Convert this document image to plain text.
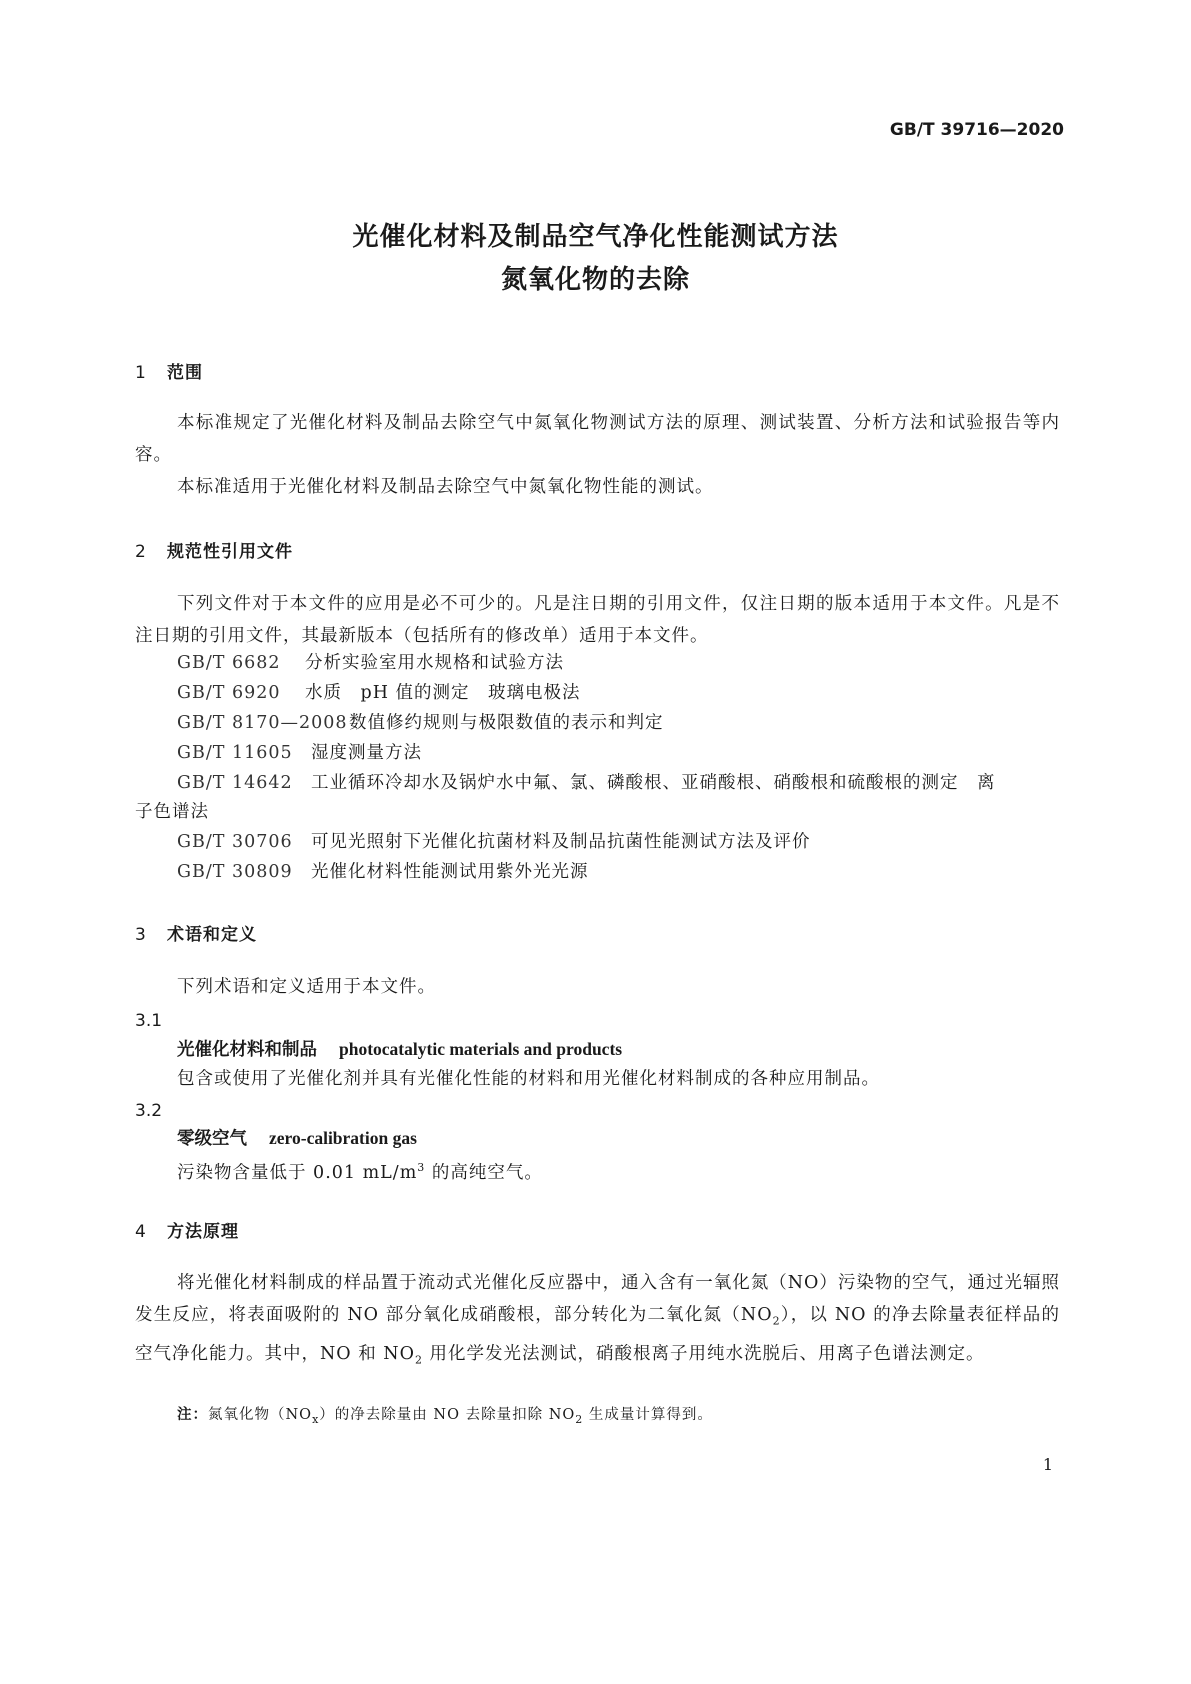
GB/T 39716—2020
光催化材料及制品空气净化性能测试方法
氮氧化物的去除
1 范围
本标准规定了光催化材料及制品去除空气中氮氧化物测试方法的原理、测试装置、分析方法和试验报告等内容。
本标准适用于光催化材料及制品去除空气中氮氧化物性能的测试。
2 规范性引用文件
下列文件对于本文件的应用是必不可少的。凡是注日期的引用文件，仅注日期的版本适用于本文件。凡是不注日期的引用文件，其最新版本（包括所有的修改单）适用于本文件。
GB/T 6682 分析实验室用水规格和试验方法
GB/T 6920 水质　pH 值的测定　玻璃电极法
GB/T 8170—2008数值修约规则与极限数值的表示和判定
GB/T 11605 湿度测量方法
GB/T 14642 工业循环冷却水及锅炉水中氟、氯、磷酸根、亚硝酸根、硝酸根和硫酸根的测定　离
子色谱法
GB/T 30706 可见光照射下光催化抗菌材料及制品抗菌性能测试方法及评价
GB/T 30809 光催化材料性能测试用紫外光光源
3 术语和定义
下列术语和定义适用于本文件。
3.1
光催化材料和制品 photocatalytic materials and products
包含或使用了光催化剂并具有光催化性能的材料和用光催化材料制成的各种应用制品。
3.2
零级空气 zero-calibration gas
污染物含量低于 0.01 $mL/m^3$ 的高纯空气。
4 方法原理
将光催化材料制成的样品置于流动式光催化反应器中，通入含有一氧化氮（NO）污染物的空气，通过光辐照发生反应，将表面吸附的 NO 部分氧化成硝酸根，部分转化为二氧化氮$(NO_2)$，以 NO 的净去除量表征样品的空气净化能力。其中，NO 和 $NO_2$ 用化学发光法测试，硝酸根离子用纯水洗脱后、用离子色谱法测定。
注：氮氧化物$(NO_x)$的净去除量由 NO 去除量扣除 $NO_2$ 生成量计算得到。
1
